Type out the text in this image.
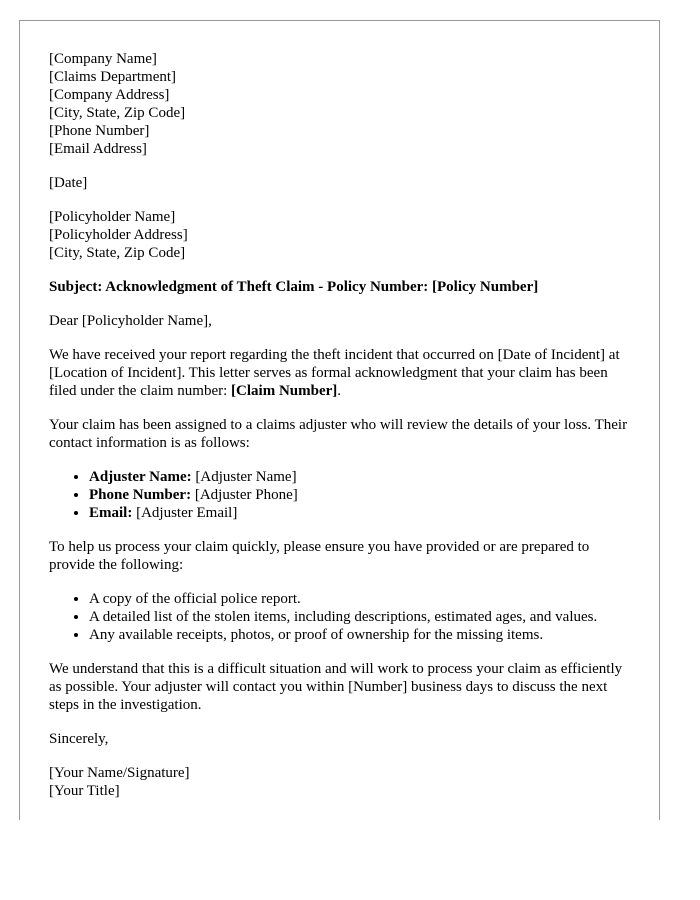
[Company Name]
[Claims Department]
[Company Address]
[City, State, Zip Code]
[Phone Number]
[Email Address]

[Date]

[Policyholder Name]
[Policyholder Address]
[City, State, Zip Code]

Subject: Acknowledgment of Theft Claim - Policy Number: [Policy Number]

Dear [Policyholder Name],

We have received your report regarding the theft incident that occurred on [Date of Incident] at [Location of Incident]. This letter serves as formal acknowledgment that your claim has been filed under the claim number: [Claim Number].

Your claim has been assigned to a claims adjuster who will review the details of your loss. Their contact information is as follows:

• Adjuster Name: [Adjuster Name]
• Phone Number: [Adjuster Phone]
• Email: [Adjuster Email]

To help us process your claim quickly, please ensure you have provided or are prepared to provide the following:

• A copy of the official police report.
• A detailed list of the stolen items, including descriptions, estimated ages, and values.
• Any available receipts, photos, or proof of ownership for the missing items.

We understand that this is a difficult situation and will work to process your claim as efficiently as possible. Your adjuster will contact you within [Number] business days to discuss the next steps in the investigation.

Sincerely,

[Your Name/Signature]
[Your Title]
